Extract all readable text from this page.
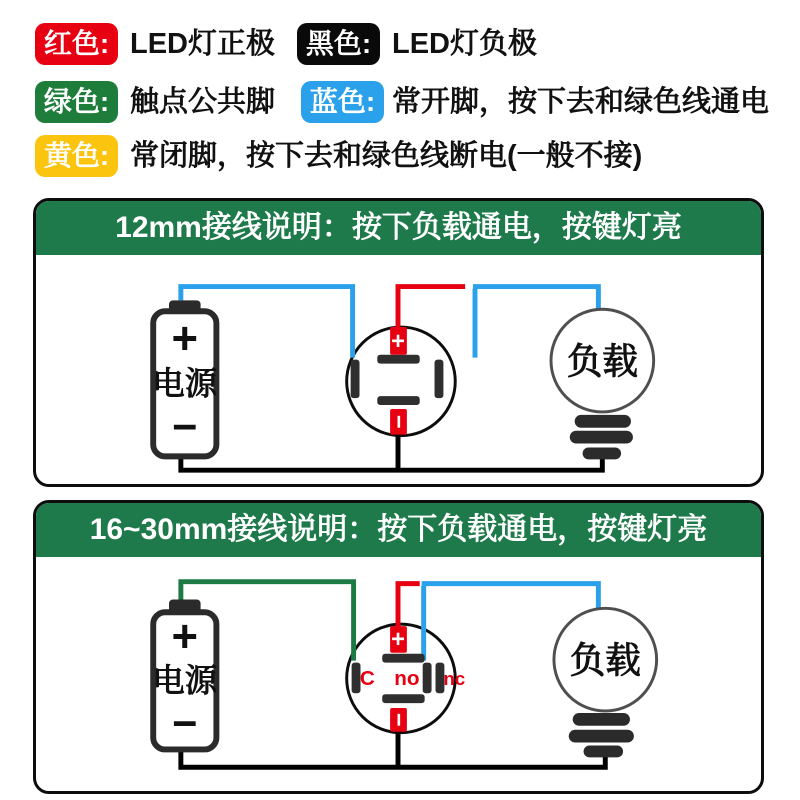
红色: LED灯正极	黑色: LED灯负极
绿色: 触点公共脚	蓝色: 常开脚，按下去和绿色线通电
黄色: 常闭脚，按下去和绿色线断电(一般不接)
12mm接线说明：按下负载通电，按键灯亮
+
电源
−
+
−
负载
16~30mm接线说明：按下负载通电，按键灯亮
+
电源
−
+
−
C no nc	负载
